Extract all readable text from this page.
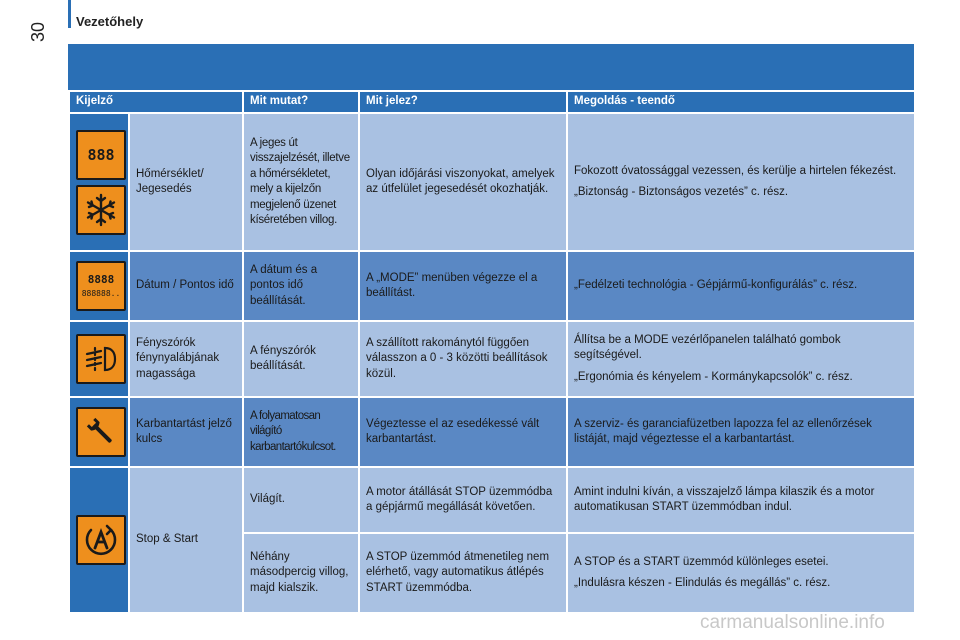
Vezetőhely
30
Kijelző		Mit mutat?	Mit jelez?	Megoldás - teendő

888	Hőmérséklet/ Jegesedés	A jeges út visszajelzését, illetve a hőmérsékletet, mely a kijelzőn megjelenő üzenet kíséretében villog.	Olyan időjárási viszonyokat, amelyek az útfelület jegesedését okozhatják.	Fokozott óvatossággal vezessen, és kerülje a hirtelen fékezést.

„Biztonság - Biztonságos vezetés” c. rész.

8888
888888..	Dátum / Pontos idő	A dátum és a pontos idő beállítását.	A „MODE” menüben végezze el a beállítást.	„Fedélzeti technológia - Gépjármű-konfigurálás” c. rész.

	Fényszórók fénynyalábjának magassága	A fényszórók beállítását.	A szállított rakománytól függően válasszon a 0 - 3 közötti beállítások közül.	Állítsa be a MODE vezérlőpanelen található gombok segítségével.

„Ergonómia és kényelem - Kormánykapcsolók” c. rész.

	Karbantartást jelző kulcs	A folyamatosan világító karbantartókulcsot.	Végeztesse el az esedékessé vált karbantartást.	A szerviz- és garanciafüzetben lapozza fel az ellenőrzések listáját, majd végeztesse el a karbantartást.

	Stop & Start	Világít.	A motor átállását STOP üzemmódba a gépjármű megállását követően.	Amint indulni kíván, a visszajelző lámpa kilaszik és a motor automatikusan START üzemmódban indul.
		Néhány másodpercig villog, majd kialszik.	A STOP üzemmód átmenetileg nem elérhető, vagy automatikus átlépés START üzemmódba.	A STOP és a START üzemmód különleges esetei.

„Indulásra készen - Elindulás és megállás” c. rész.

carmanualsonline.info
